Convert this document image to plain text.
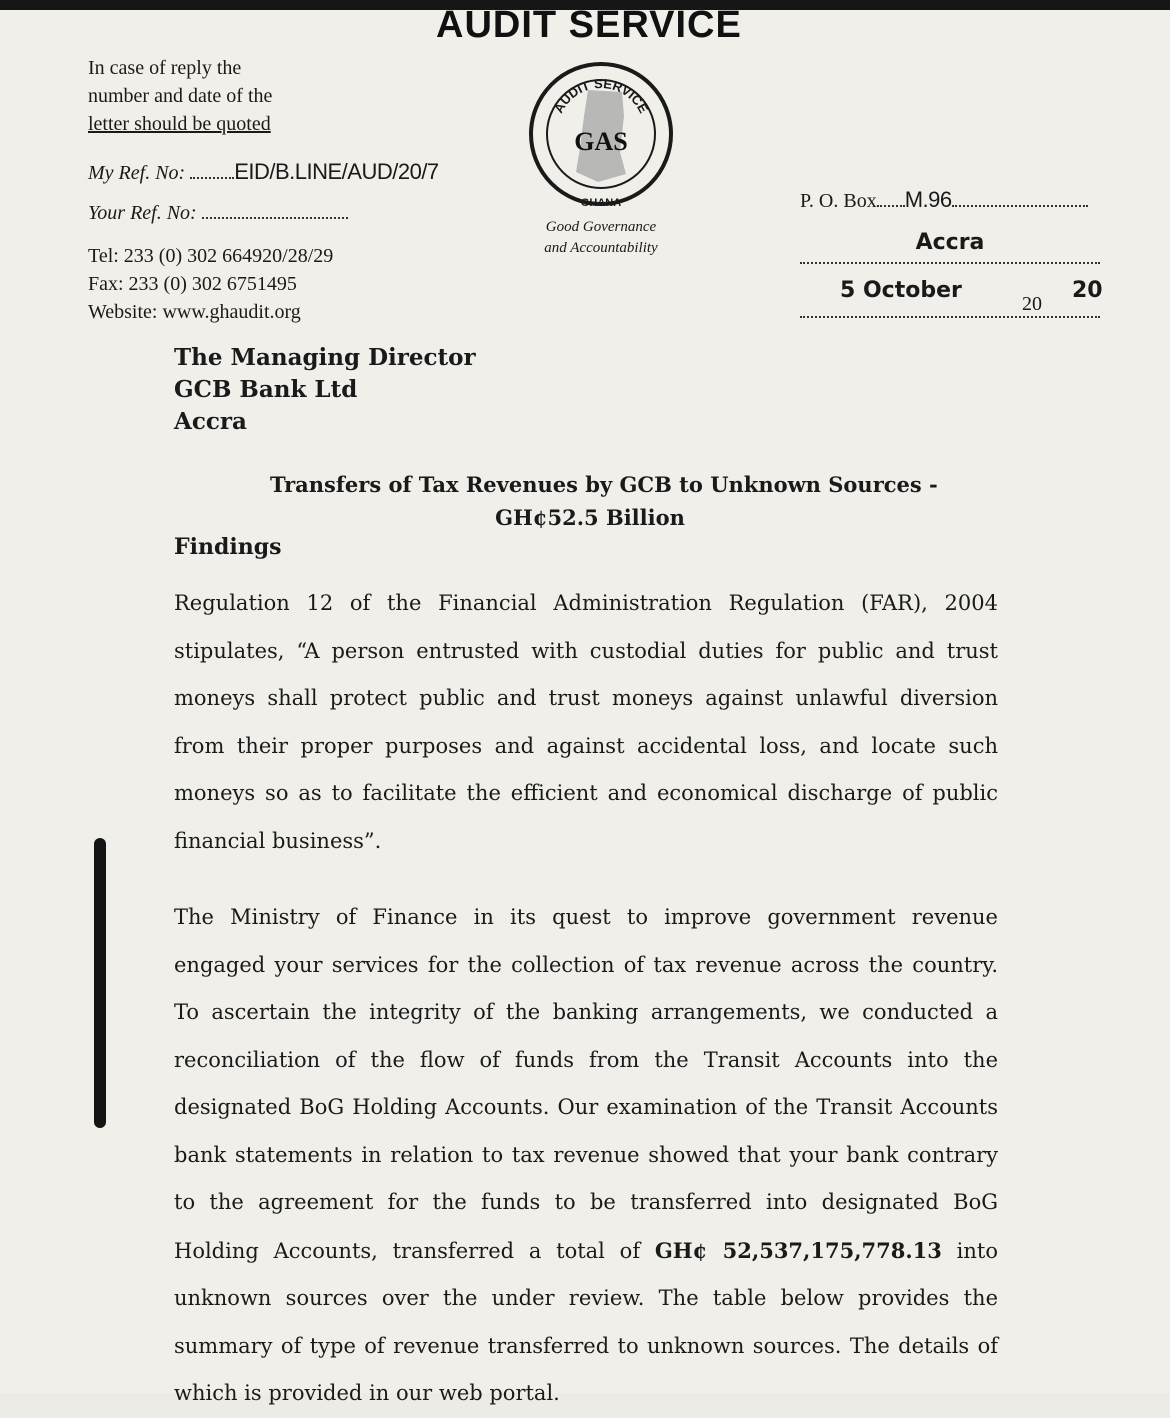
AUDIT SERVICE
In case of reply the
number and date of the
letter should be quoted
My Ref. No: EID/B.LINE/AUD/20/7
Your Ref. No:
Tel: 233 (0) 302 664920/28/29
Fax: 233 (0) 302 6751495
Website: www.ghaudit.org
AUDIT SERVICE
GAS
GHANA
Good Governance
and Accountability
P. O. Box M.96
Accra
5 October
20
20
The Managing Director
GCB Bank Ltd
Accra
Transfers of Tax Revenues by GCB to Unknown Sources -
GH¢52.5 Billion
Findings
Regulation 12 of the Financial Administration Regulation (FAR), 2004 stipulates, “A person entrusted with custodial duties for public and trust moneys shall protect public and trust moneys against unlawful diversion from their proper purposes and against accidental loss, and locate such moneys so as to facilitate the efficient and economical discharge of public financial business”.
The Ministry of Finance in its quest to improve government revenue engaged your services for the collection of tax revenue across the country. To ascertain the integrity of the banking arrangements, we conducted a reconciliation of the flow of funds from the Transit Accounts into the designated BoG Holding Accounts. Our examination of the Transit Accounts bank statements in relation to tax revenue showed that your bank contrary to the agreement for the funds to be transferred into designated BoG Holding Accounts, transferred a total of GH¢ 52,537,175,778.13 into unknown sources over the under review. The table below provides the summary of type of revenue transferred to unknown sources. The details of which is provided in our web portal.
